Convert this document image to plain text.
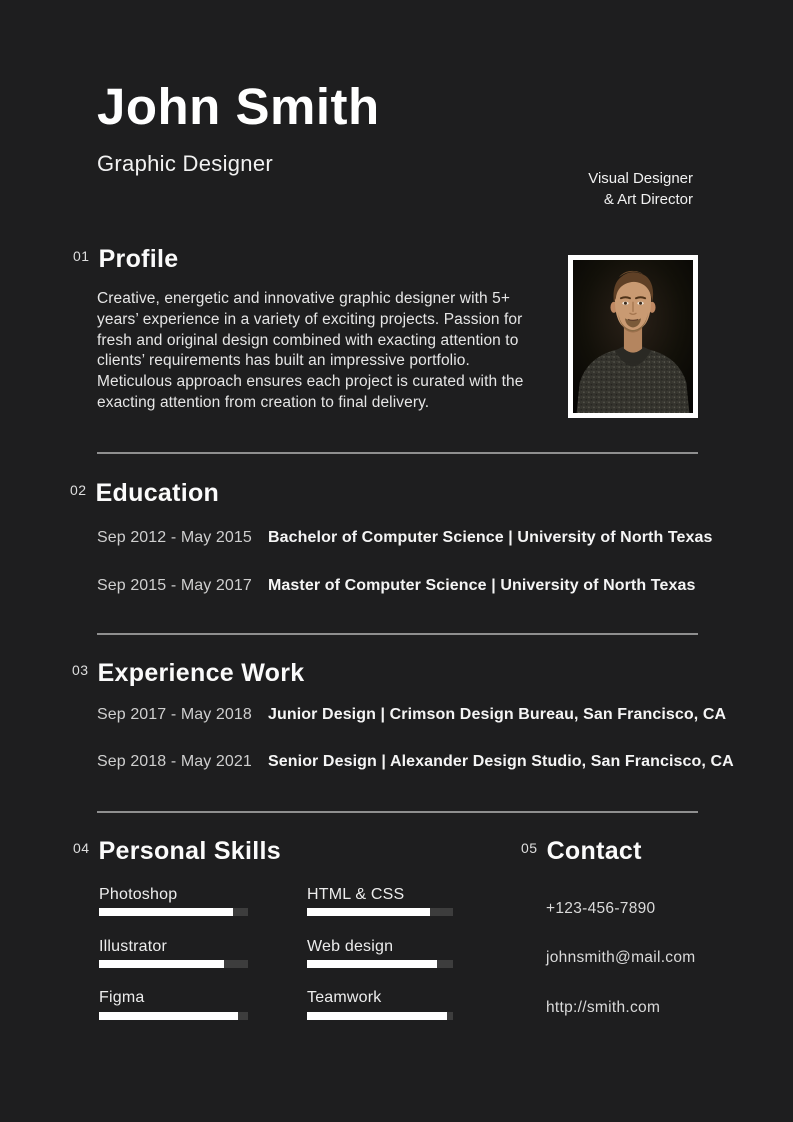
John Smith
Graphic Designer
Visual Designer
& Art Director
01 Profile

Creative, energetic and innovative graphic designer with 5+ years’ experience in a variety of exciting projects. Passion for fresh and original design combined with exacting attention to clients’ requirements has built an impressive portfolio. Meticulous approach ensures each project is curated with the exacting attention from creation to final delivery.

02 Education
Sep 2012 - May 2015	Bachelor of Computer Science | University of North Texas
Sep 2015 - May 2017	Master of Computer Science | University of North Texas
03 Experience Work
Sep 2017 - May 2018	Junior Design | Crimson Design Bureau, San Francisco, CA
Sep 2018 - May 2021	Senior Design | Alexander Design Studio, San Francisco, CA
04 Personal Skills
Photoshop
Illustrator
Figma
HTML & CSS
Web design
Teamwork
05 Contact
+123-456-7890
johnsmith@mail.com
http://smith.com
